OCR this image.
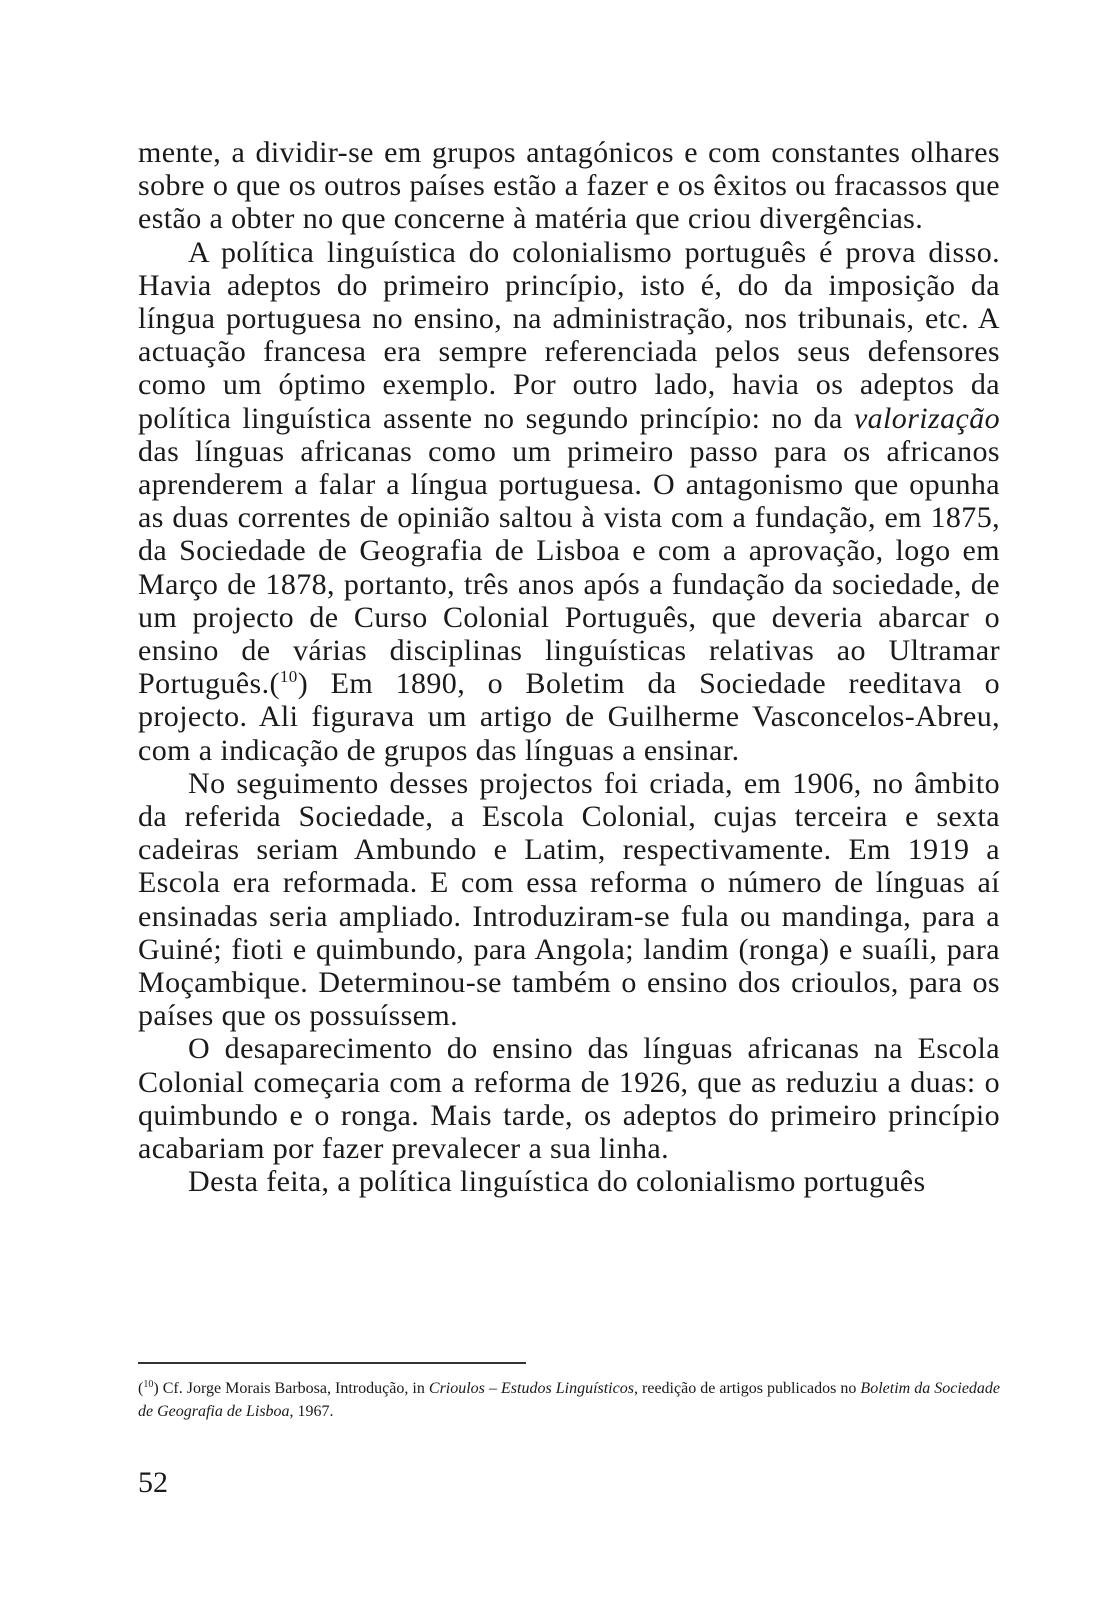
mente, a dividir-se em grupos antagónicos e com constantes olhares sobre o que os outros países estão a fazer e os êxitos ou fracassos que estão a obter no que concerne à matéria que criou divergências.

A política linguística do colonialismo português é prova disso. Havia adeptos do primeiro princípio, isto é, do da imposição da língua portuguesa no ensino, na administração, nos tribunais, etc. A actuação francesa era sempre referenciada pelos seus defensores como um óptimo exemplo. Por outro lado, havia os adeptos da política linguística assente no segundo princípio: no da valorização das línguas africanas como um primeiro passo para os africanos aprenderem a falar a língua portuguesa. O antagonismo que opunha as duas correntes de opinião saltou à vista com a fundação, em 1875, da Sociedade de Geografia de Lisboa e com a aprovação, logo em Março de 1878, portanto, três anos após a fundação da sociedade, de um projecto de Curso Colonial Português, que deveria abarcar o ensino de várias disciplinas linguísticas relativas ao Ultramar Português.($^{10}$) Em 1890, o Boletim da Sociedade reeditava o projecto. Ali figurava um artigo de Guilherme Vasconcelos-Abreu, com a indicação de grupos das línguas a ensinar.

No seguimento desses projectos foi criada, em 1906, no âmbito da referida Sociedade, a Escola Colonial, cujas terceira e sexta cadeiras seriam Ambundo e Latim, respectivamente. Em 1919 a Escola era reformada. E com essa reforma o número de línguas aí ensinadas seria ampliado. Introduziram-se fula ou mandinga, para a Guiné; fioti e quimbundo, para Angola; landim (ronga) e suaíli, para Moçambique. Determinou-se também o ensino dos crioulos, para os países que os possuíssem.

O desaparecimento do ensino das línguas africanas na Escola Colonial começaria com a reforma de 1926, que as reduziu a duas: o quimbundo e o ronga. Mais tarde, os adeptos do primeiro princípio acabariam por fazer prevalecer a sua linha.

Desta feita, a política linguística do colonialismo português

($^{10}$) Cf. Jorge Morais Barbosa, Introdução, in Crioulos – Estudos Linguísticos, reedição de artigos publicados no Boletim da Sociedade de Geografia de Lisboa, 1967.
52
